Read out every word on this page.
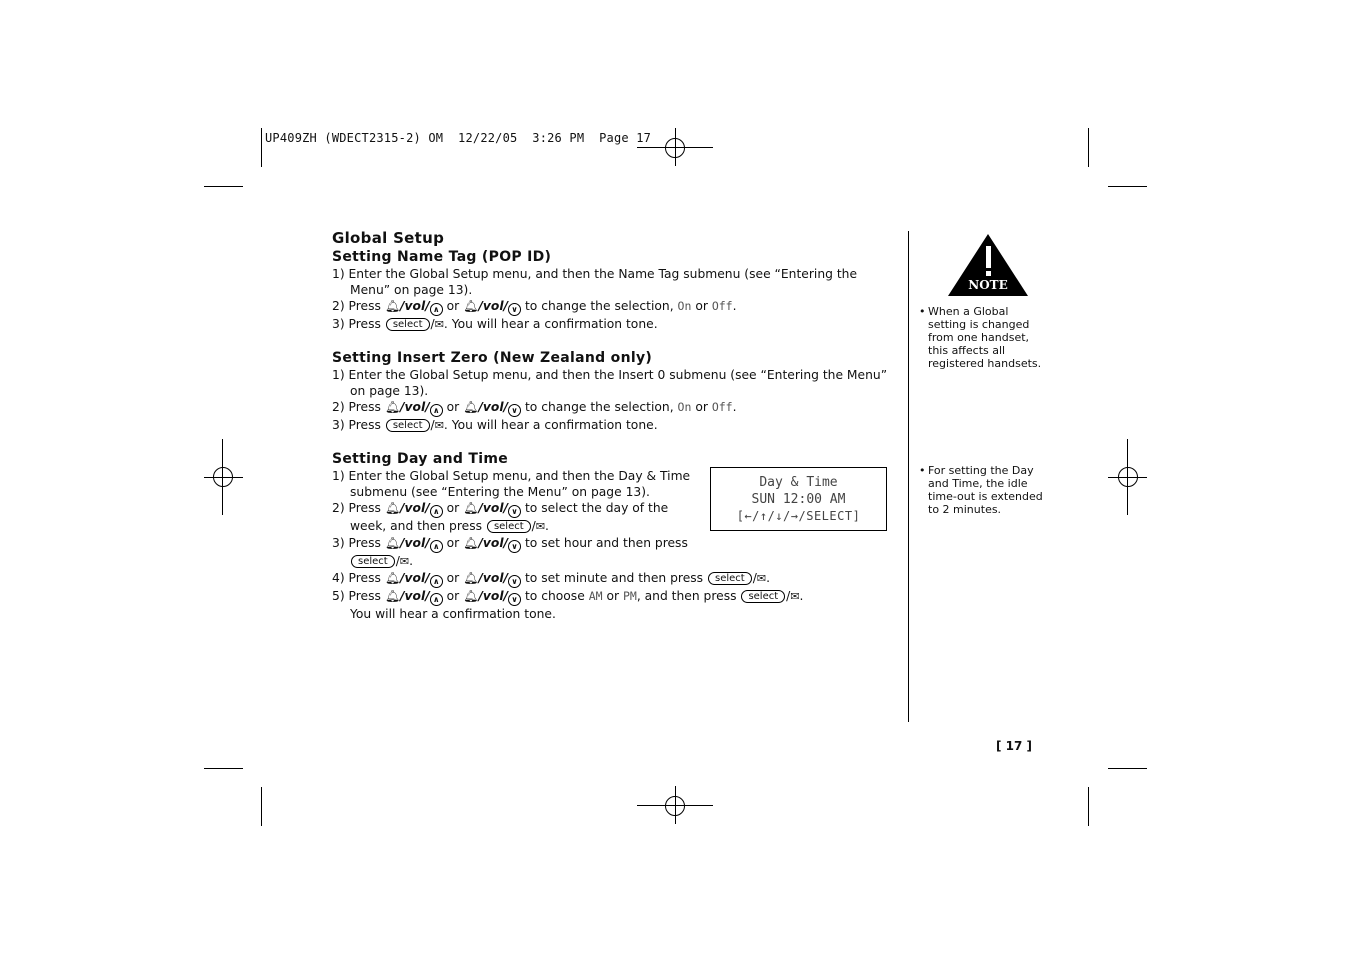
UP409ZH (WDECT2315-2) OM  12/22/05  3:26 PM  Page 17
Global Setup
Setting Name Tag (POP ID)
1) Enter the Global Setup menu, and then the Name Tag submenu (see “Entering the Menu” on page 13).
2) Press 🔔︎/vol/ ∧ or 🔔︎/vol/ ∨ to change the selection, On or Off.
3) Press select /✉︎. You will hear a confirmation tone.
Setting Insert Zero (New Zealand only)
1) Enter the Global Setup menu, and then the Insert 0 submenu (see “Entering the Menu” on page 13).
2) Press 🔔︎/vol/ ∧ or 🔔︎/vol/ ∨ to change the selection, On or Off.
3) Press select /✉︎. You will hear a confirmation tone.
Setting Day and Time
1) Enter the Global Setup menu, and then the Day & Time submenu (see “Entering the Menu” on page 13).
2) Press 🔔︎/vol/ ∧ or 🔔︎/vol/ ∨ to select the day of the week, and then press select /✉︎.
3) Press 🔔︎/vol/ ∧ or 🔔︎/vol/ ∨ to set hour and then press select /✉︎.
4) Press 🔔︎/vol/ ∧ or 🔔︎/vol/ ∨ to set minute and then press select /✉︎.
5) Press 🔔︎/vol/ ∧ or 🔔︎/vol/ ∨ to choose AM or PM, and then press select /✉︎.
You will hear a confirmation tone.
Day & Time
SUN 12:00 AM
[←/↑/↓/→/SELECT]
NOTE
• When a Global setting is changed from one handset, this affects all registered handsets.
• For setting the Day and Time, the idle time-out is extended to 2 minutes.
[ 17 ]
